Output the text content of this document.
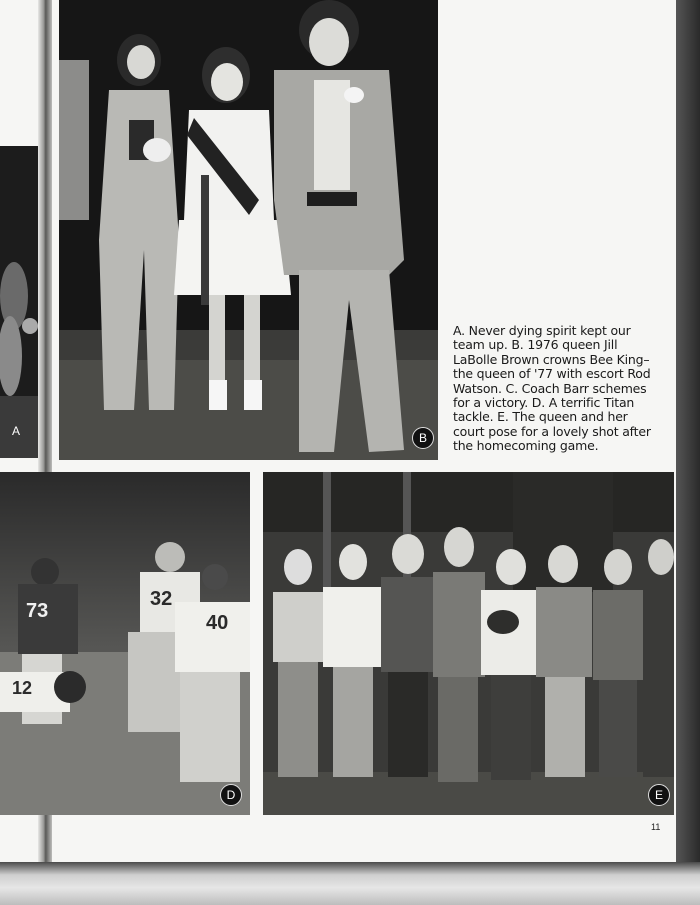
A	B
A. Never dying spirit kept our team up. B. 1976 queen Jill LaBolle Brown crowns Bee King–the queen of '77 with escort Rod Watson. C. Coach Barr schemes for a victory. D. A terrific Titan tackle. E. The queen and her court pose for a lovely shot after the homecoming game.
73
32
40
12
D	E
11
